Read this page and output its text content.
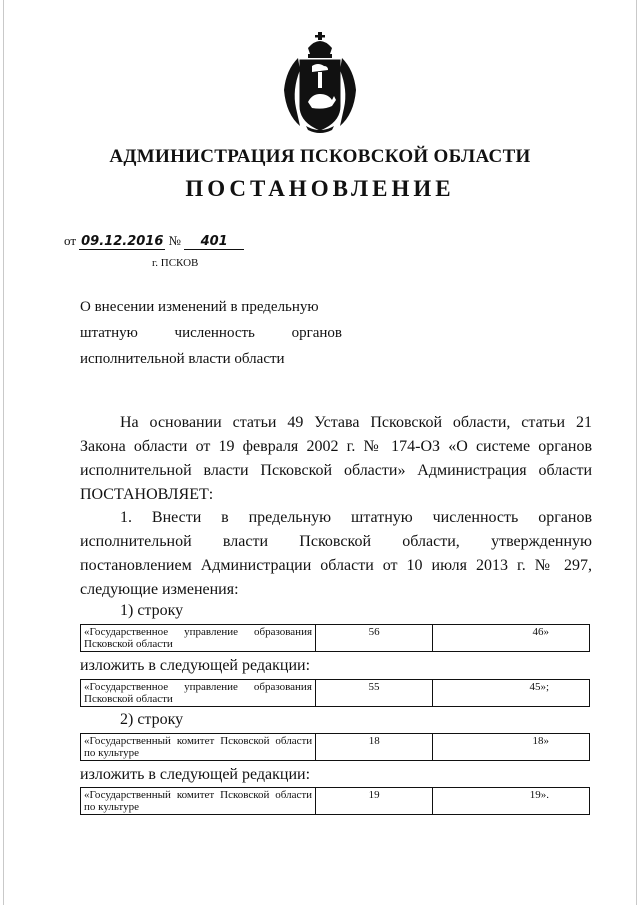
АДМИНИСТРАЦИЯ ПСКОВСКОЙ ОБЛАСТИ
ПОСТАНОВЛЕНИЕ
от 09.12.2016 № 401
г. ПСКОВ
О внесении изменений в предельную
штатную численность органов
исполнительной власти области
На основании статьи 49 Устава Псковской области, статьи 21
Закона области от 19 февраля 2002 г. № 174-ОЗ «О системе органов
исполнительной власти Псковской области» Администрация области
ПОСТАНОВЛЯЕТ:
1. Внести в предельную штатную численность органов
исполнительной власти Псковской области, утвержденную
постановлением Администрации области от 10 июля 2013 г. № 297,
следующие изменения:
1) строку
«Государственное управление образования Псковской области	56	46»
изложить в следующей редакции:
«Государственное управление образования Псковской области	55	45»;
2) строку
«Государственный комитет Псковской области по культуре	18	18»
изложить в следующей редакции:
«Государственный комитет Псковской области по культуре	19	19».
